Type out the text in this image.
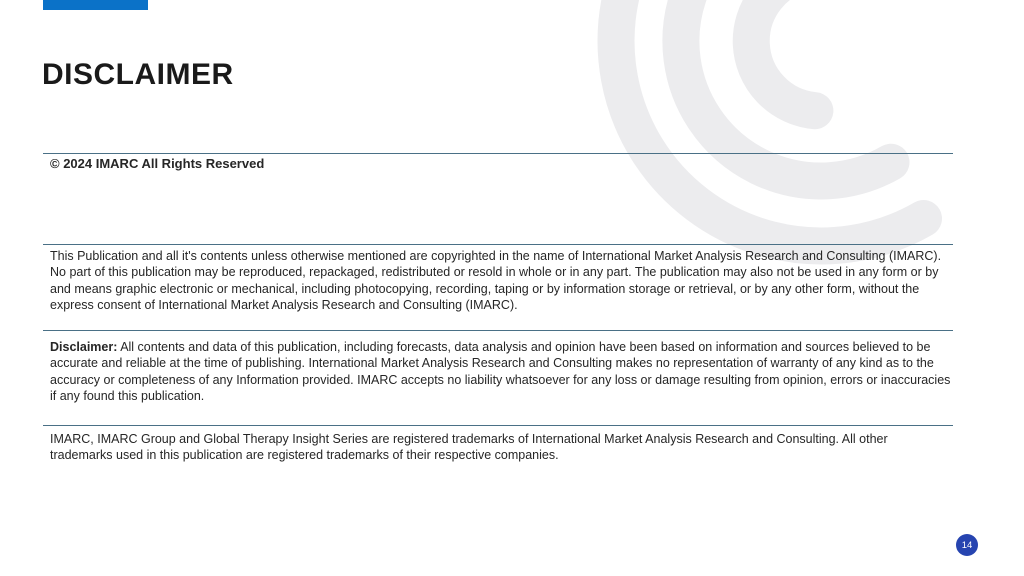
DISCLAIMER
© 2024 IMARC All Rights Reserved
This Publication and all it's contents unless otherwise mentioned are copyrighted in the name of International Market Analysis Research and Consulting (IMARC). No part of this publication may be reproduced, repackaged, redistributed or resold in whole or in any part. The publication may also not be used in any form or by and means graphic electronic or mechanical, including photocopying, recording, taping or by information storage or retrieval, or by any other form, without the express consent of International Market Analysis Research and Consulting (IMARC).
Disclaimer: All contents and data of this publication, including forecasts, data analysis and opinion have been based on information and sources believed to be accurate and reliable at the time of publishing. International Market Analysis Research and Consulting makes no representation of warranty of any kind as to the accuracy or completeness of any Information provided. IMARC accepts no liability whatsoever for any loss or damage resulting from opinion, errors or inaccuracies if any found this publication.
IMARC, IMARC Group and Global Therapy Insight Series are registered trademarks of International Market Analysis Research and Consulting. All other trademarks used in this publication are registered trademarks of their respective companies.
14
